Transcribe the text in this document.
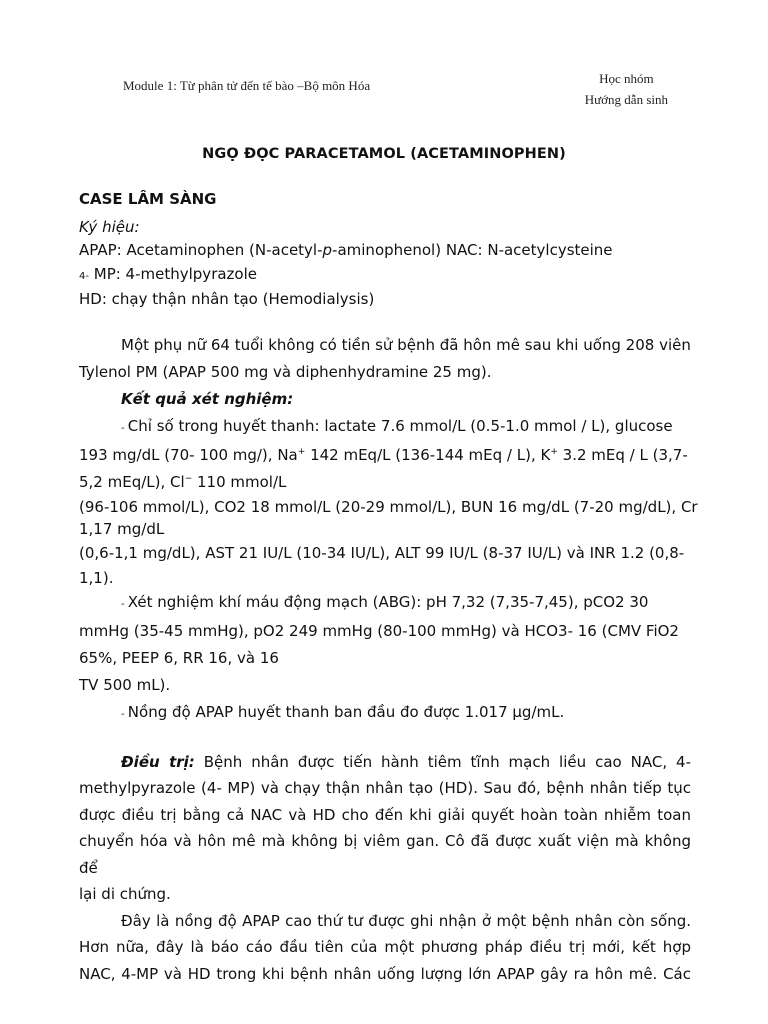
Module 1: Từ phân tử đến tế bào –Bộ môn Hóa	Học nhóm
Hướng dẫn sinh
NGỌ ĐỌC PARACETAMOL (ACETAMINOPHEN)
CASE LÂM SÀNG
Ký hiệu:
APAP: Acetaminophen (N-acetyl-p-aminophenol) NAC: N-acetylcysteine
4- MP: 4-methylpyrazole
HD: chạy thận nhân tạo (Hemodialysis)
Một phụ nữ 64 tuổi không có tiền sử bệnh đã hôn mê sau khi uống 208 viên
Tylenol PM (APAP 500 mg và diphenhydramine 25 mg).
Kết quả xét nghiệm:
- Chỉ số trong huyết thanh: lactate 7.6 mmol/L (0.5-1.0 mmol / L), glucose
193 mg/dL (70- 100 mg/), Na+ 142 mEq/L (136-144 mEq / L), K+ 3.2 mEq / L (3,7-
5,2 mEq/L), Cl− 110 mmol/L
(96-106 mmol/L), CO2 18 mmol/L (20-29 mmol/L), BUN 16 mg/dL (7-20 mg/dL), Cr
1,17 mg/dL
(0,6-1,1 mg/dL), AST 21 IU/L (10-34 IU/L), ALT 99 IU/L (8-37 IU/L) và INR 1.2 (0,8-
1,1).
- Xét nghiệm khí máu động mạch (ABG): pH 7,32 (7,35-7,45), pCO2 30
mmHg (35-45 mmHg), pO2 249 mmHg (80-100 mmHg) và HCO3- 16 (CMV FiO2
65%, PEEP 6, RR 16, và 16
TV 500 mL).
- Nồng độ APAP huyết thanh ban đầu đo được 1.017 µg/mL.
Điều trị: Bệnh nhân được tiến hành tiêm tĩnh mạch liều cao NAC, 4-
methylpyrazole (4- MP) và chạy thận nhân tạo (HD). Sau đó, bệnh nhân tiếp tục
được điều trị bằng cả NAC và HD cho đến khi giải quyết hoàn toàn nhiễm toan
chuyển hóa và hôn mê mà không bị viêm gan. Cô đã được xuất viện mà không để
lại di chứng.
Đây là nồng độ APAP cao thứ tư được ghi nhận ở một bệnh nhân còn sống.
Hơn nữa, đây là báo cáo đầu tiên của một phương pháp điều trị mới, kết hợp
NAC, 4-MP và HD trong khi bệnh nhân uống lượng lớn APAP gây ra hôn mê. Các
